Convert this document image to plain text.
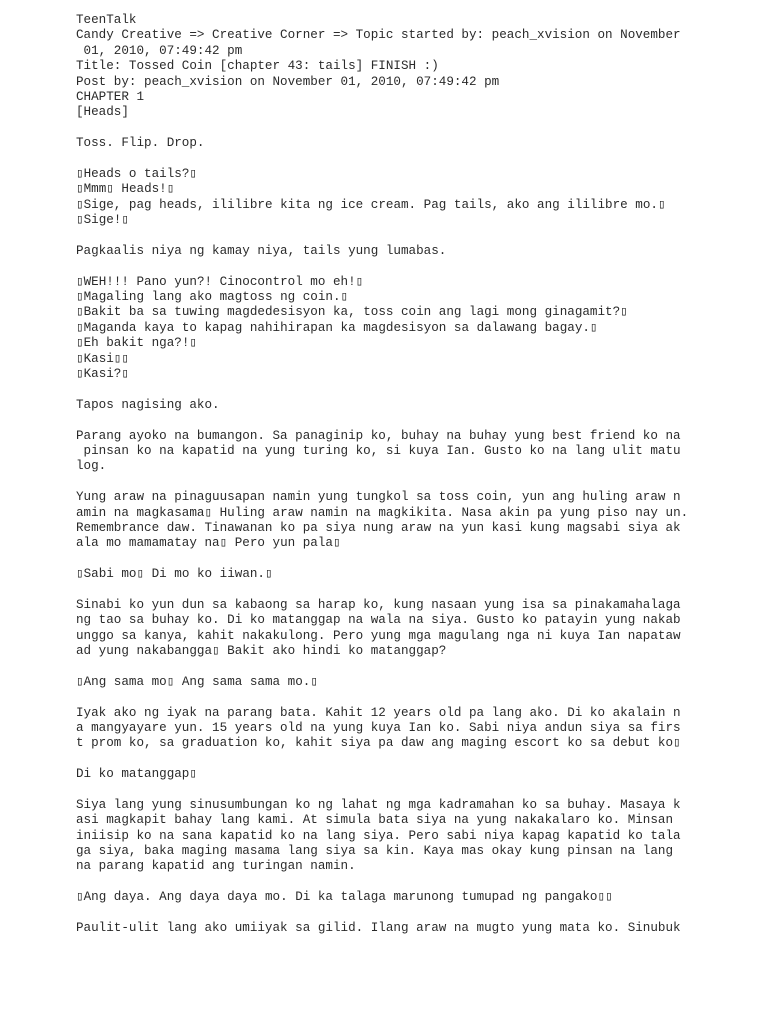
TeenTalk
Candy Creative => Creative Corner => Topic started by: peach_xvision on November
01, 2010, 07:49:42 pm
Title: Tossed Coin [chapter 43: tails] FINISH :)
Post by: peach_xvision on November 01, 2010, 07:49:42 pm
CHAPTER 1
[Heads]
Toss. Flip. Drop.
▯Heads o tails?▯
▯Mmm▯ Heads!▯
▯Sige, pag heads, ililibre kita ng ice cream. Pag tails, ako ang ililibre mo.▯
▯Sige!▯
Pagkaalis niya ng kamay niya, tails yung lumabas.
▯WEH!!! Pano yun?! Cinocontrol mo eh!▯
▯Magaling lang ako magtoss ng coin.▯
▯Bakit ba sa tuwing magdedesisyon ka, toss coin ang lagi mong ginagamit?▯
▯Maganda kaya to kapag nahihirapan ka magdesisyon sa dalawang bagay.▯
▯Eh bakit nga?!▯
▯Kasi▯▯
▯Kasi?▯
Tapos nagising ako.
Parang ayoko na bumangon. Sa panaginip ko, buhay na buhay yung best friend ko na
pinsan ko na kapatid na yung turing ko, si kuya Ian. Gusto ko na lang ulit matu
log.
Yung araw na pinaguusapan namin yung tungkol sa toss coin, yun ang huling araw n
amin na magkasama▯ Huling araw namin na magkikita. Nasa akin pa yung piso nay un.
Remembrance daw. Tinawanan ko pa siya nung araw na yun kasi kung magsabi siya ak
ala mo mamamatay na▯ Pero yun pala▯
▯Sabi mo▯ Di mo ko iiwan.▯
Sinabi ko yun dun sa kabaong sa harap ko, kung nasaan yung isa sa pinakamahalaga
ng tao sa buhay ko. Di ko matanggap na wala na siya. Gusto ko patayin yung nakab
unggo sa kanya, kahit nakakulong. Pero yung mga magulang nga ni kuya Ian napataw
ad yung nakabangga▯ Bakit ako hindi ko matanggap?
▯Ang sama mo▯ Ang sama sama mo.▯
Iyak ako ng iyak na parang bata. Kahit 12 years old pa lang ako. Di ko akalain n
a mangyayare yun. 15 years old na yung kuya Ian ko. Sabi niya andun siya sa firs
t prom ko, sa graduation ko, kahit siya pa daw ang maging escort ko sa debut ko▯
Di ko matanggap▯
Siya lang yung sinusumbungan ko ng lahat ng mga kadramahan ko sa buhay. Masaya k
asi magkapit bahay lang kami. At simula bata siya na yung nakakalaro ko. Minsan
iniisip ko na sana kapatid ko na lang siya. Pero sabi niya kapag kapatid ko tala
ga siya, baka maging masama lang siya sa kin. Kaya mas okay kung pinsan na lang
na parang kapatid ang turingan namin.
▯Ang daya. Ang daya daya mo. Di ka talaga marunong tumupad ng pangako▯▯
Paulit-ulit lang ako umiiyak sa gilid. Ilang araw na mugto yung mata ko. Sinubuk
